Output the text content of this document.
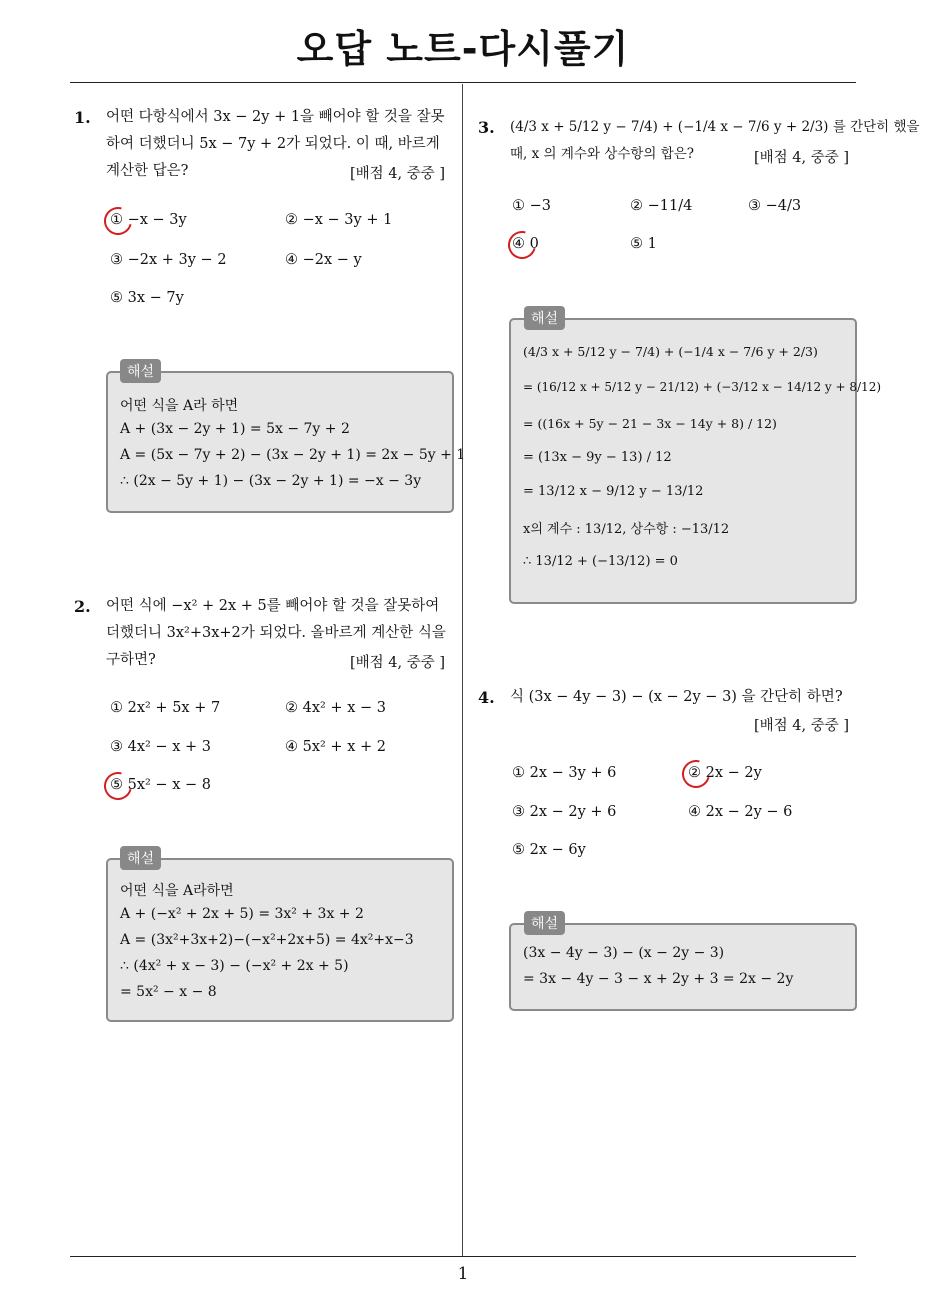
오답 노트-다시풀기
1. 어떤 다항식에서 3x − 2y + 1을 빼어야 할 것을 잘못
하여 더했더니 5x − 7y + 2가 되었다. 이 때, 바르게
계산한 답은?	[배점 4, 중중 ]
① −x − 3y	② −x − 3y + 1
③ −2x + 3y − 2	④ −2x − y
⑤ 3x − 7y
어떤 식을 A라 하면
A + (3x − 2y + 1) = 5x − 7y + 2
A = (5x − 7y + 2) − (3x − 2y + 1) = 2x − 5y + 1
∴ (2x − 5y + 1) − (3x − 2y + 1) = −x − 3y
해설
2. 어떤 식에 −x² + 2x + 5를 빼어야 할 것을 잘못하여
더했더니 3x²+3x+2가 되었다. 올바르게 계산한 식을
구하면?	[배점 4, 중중 ]
① 2x² + 5x + 7	② 4x² + x − 3
③ 4x² − x + 3	④ 5x² + x + 2
⑤ 5x² − x − 8
어떤 식을 A라하면
A + (−x² + 2x + 5) = 3x² + 3x + 2
A = (3x²+3x+2)−(−x²+2x+5) = 4x²+x−3
∴ (4x² + x − 3) − (−x² + 2x + 5)
= 5x² − x − 8
해설
3. (4/3 x + 5/12 y − 7/4) + (−1/4 x − 7/6 y + 2/3) 를 간단히 했을
때, x 의 계수와 상수항의 합은?	[배점 4, 중중 ]
① −3	② −11/4	③ −4/3
④ 0	⑤ 1
(4/3 x + 5/12 y − 7/4) + (−1/4 x − 7/6 y + 2/3)
= (16/12 x + 5/12 y − 21/12) + (−3/12 x − 14/12 y + 8/12)
= ((16x + 5y − 21 − 3x − 14y + 8) / 12)
= (13x − 9y − 13) / 12
= 13/12 x − 9/12 y − 13/12
x의 계수 : 13/12, 상수항 : −13/12
∴ 13/12 + (−13/12) = 0
해설
4. 식 (3x − 4y − 3) − (x − 2y − 3) 을 간단히 하면?
[배점 4, 중중 ]
① 2x − 3y + 6	② 2x − 2y
③ 2x − 2y + 6	④ 2x − 2y − 6
⑤ 2x − 6y
(3x − 4y − 3) − (x − 2y − 3)
= 3x − 4y − 3 − x + 2y + 3 = 2x − 2y
해설
1
